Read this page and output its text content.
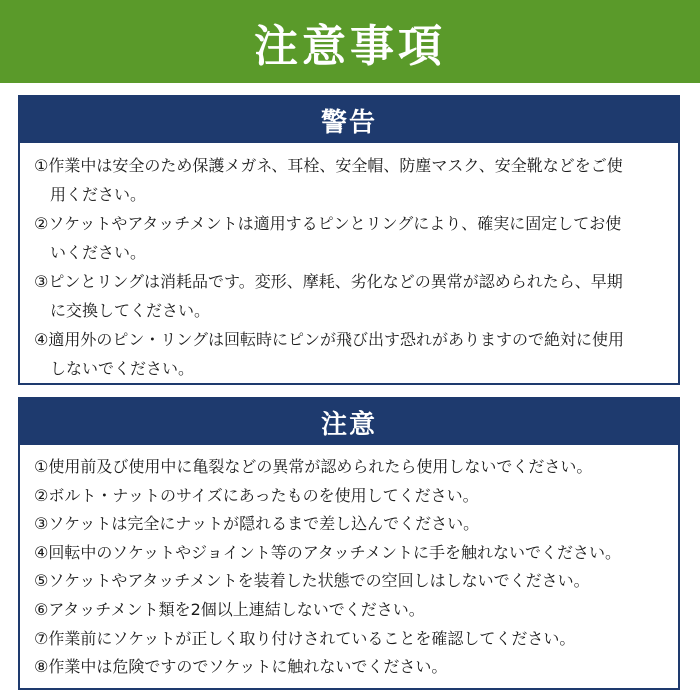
注意事項
警告

①作業中は安全のため保護メガネ、耳栓、安全帽、防塵マスク、安全靴などをご使
用ください。

②ソケットやアタッチメントは適用するピンとリングにより、確実に固定してお使
いください。

③ピンとリングは消耗品です。変形、摩耗、劣化などの異常が認められたら、早期
に交換してください。

④適用外のピン・リングは回転時にピンが飛び出す恐れがありますので絶対に使用
しないでください。

注意

①使用前及び使用中に亀裂などの異常が認められたら使用しないでください。

②ボルト・ナットのサイズにあったものを使用してください。

③ソケットは完全にナットが隠れるまで差し込んでください。

④回転中のソケットやジョイント等のアタッチメントに手を触れないでください。

⑤ソケットやアタッチメントを装着した状態での空回しはしないでください。

⑥アタッチメント類を2個以上連結しないでください。

⑦作業前にソケットが正しく取り付けされていることを確認してください。

⑧作業中は危険ですのでソケットに触れないでください。
